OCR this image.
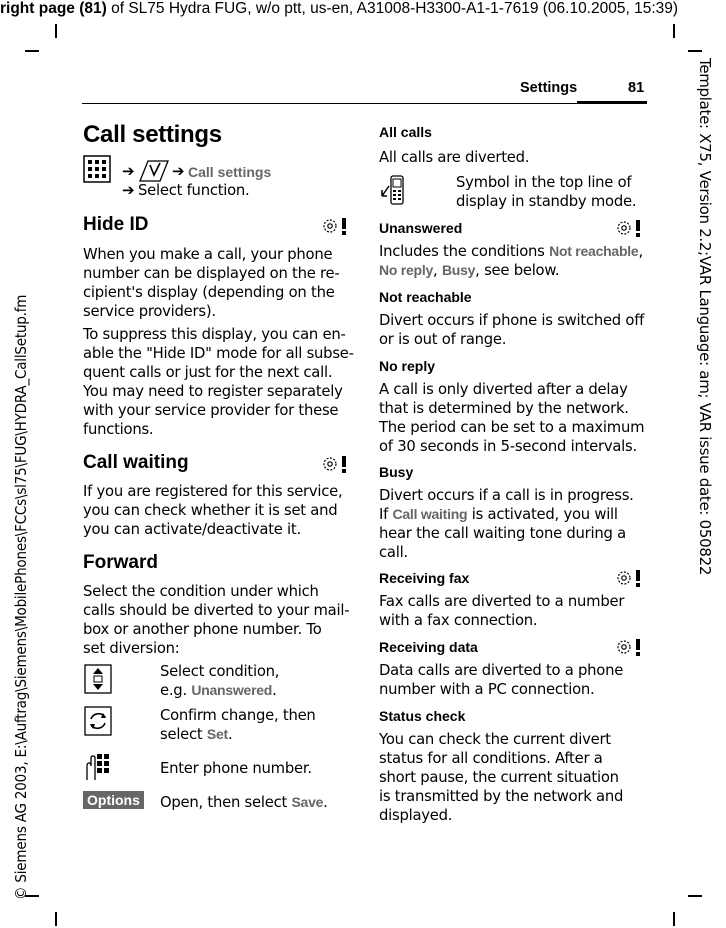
right page (81) of SL75 Hydra FUG, w/o ptt, us-en, A31008-H3300-A1-1-7619 (06.10.2005, 15:39)
© Siemens AG 2003, E:\Auftrag\Siemens\MobilePhones\FCCs\sl75\FUG\HYDRA_CallSetup.fm	Template: X75, Version 2.2;VAR Language: am; VAR issue date: 050822
Settings	81
Call settings
➔ ➔ Call settings
➔ Select function.
Hide ID
When you make a call, your phone
number can be displayed on the re-
cipient's display (depending on the
service providers).
To suppress this display, you can en-
able the "Hide ID" mode for all subse-
quent calls or just for the next call.
You may need to register separately
with your service provider for these
functions.
Call waiting
If you are registered for this service,
you can check whether it is set and
you can activate/deactivate it.
Forward
Select the condition under which
calls should be diverted to your mail-
box or another phone number. To
set diversion:
Select condition,
e.g. Unanswered.
Confirm change, then
select Set.
Enter phone number.
Options Open, then select Save.
All calls
All calls are diverted.
Symbol in the top line of
display in standby mode.
Unanswered
Includes the conditions Not reachable,
No reply, Busy, see below.
Not reachable
Divert occurs if phone is switched off
or is out of range.
No reply
A call is only diverted after a delay
that is determined by the network.
The period can be set to a maximum
of 30 seconds in 5-second intervals.
Busy
Divert occurs if a call is in progress.
If Call waiting is activated, you will
hear the call waiting tone during a
call.
Receiving fax
Fax calls are diverted to a number
with a fax connection.
Receiving data
Data calls are diverted to a phone
number with a PC connection.
Status check
You can check the current divert
status for all conditions. After a
short pause, the current situation
is transmitted by the network and
displayed.
